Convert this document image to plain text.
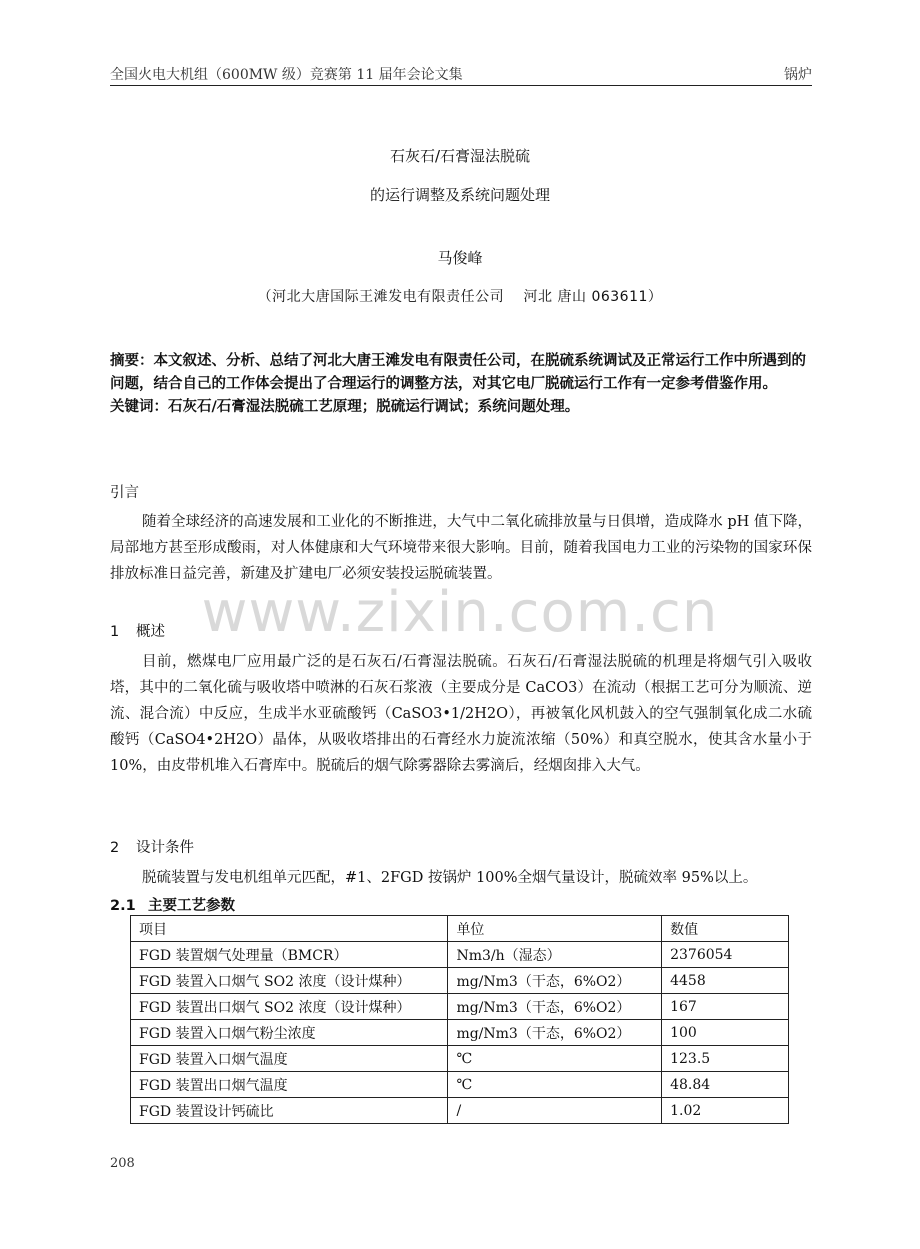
全国火电大机组（600MW 级）竞赛第 11 届年会论文集	锅炉
石灰石/石膏湿法脱硫
的运行调整及系统问题处理
马俊峰
（河北大唐国际王滩发电有限责任公司　 河北 唐山 063611）

摘要：本文叙述、分析、总结了河北大唐王滩发电有限责任公司，在脱硫系统调试及正常运行工作中所遇到的问题，结合自己的工作体会提出了合理运行的调整方法，对其它电厂脱硫运行工作有一定参考借鉴作用。

关键词：石灰石/石膏湿法脱硫工艺原理；脱硫运行调试；系统问题处理。

www.zixin.com.cn
引言

随着全球经济的高速发展和工业化的不断推进，大气中二氧化硫排放量与日俱增，造成降水 pH 值下降，局部地方甚至形成酸雨，对人体健康和大气环境带来很大影响。目前，随着我国电力工业的污染物的国家环保排放标准日益完善，新建及扩建电厂必须安装投运脱硫装置。

1 概述

目前，燃煤电厂应用最广泛的是石灰石/石膏湿法脱硫。石灰石/石膏湿法脱硫的机理是将烟气引入吸收塔，其中的二氧化硫与吸收塔中喷淋的石灰石浆液（主要成分是 CaCO3）在流动（根据工艺可分为顺流、逆流、混合流）中反应，生成半水亚硫酸钙（CaSO3•1/2H2O），再被氧化风机鼓入的空气强制氧化成二水硫酸钙（CaSO4•2H2O）晶体，从吸收塔排出的石膏经水力旋流浓缩（50%）和真空脱水，使其含水量小于 10%，由皮带机堆入石膏库中。脱硫后的烟气除雾器除去雾滴后，经烟囱排入大气。

2 设计条件

脱硫装置与发电机组单元匹配，#1、2FGD 按锅炉 100%全烟气量设计，脱硫效率 95%以上。

2.1 主要工艺参数
项目	单位	数值
FGD 装置烟气处理量（BMCR）	Nm3/h（湿态）	2376054
FGD 装置入口烟气 SO2 浓度（设计煤种）	mg/Nm3（干态，6%O2）	4458
FGD 装置出口烟气 SO2 浓度（设计煤种）	mg/Nm3（干态，6%O2）	167
FGD 装置入口烟气粉尘浓度	mg/Nm3（干态，6%O2）	100
FGD 装置入口烟气温度	℃	123.5
FGD 装置出口烟气温度	℃	48.84
FGD 装置设计钙硫比	/	1.02
208
